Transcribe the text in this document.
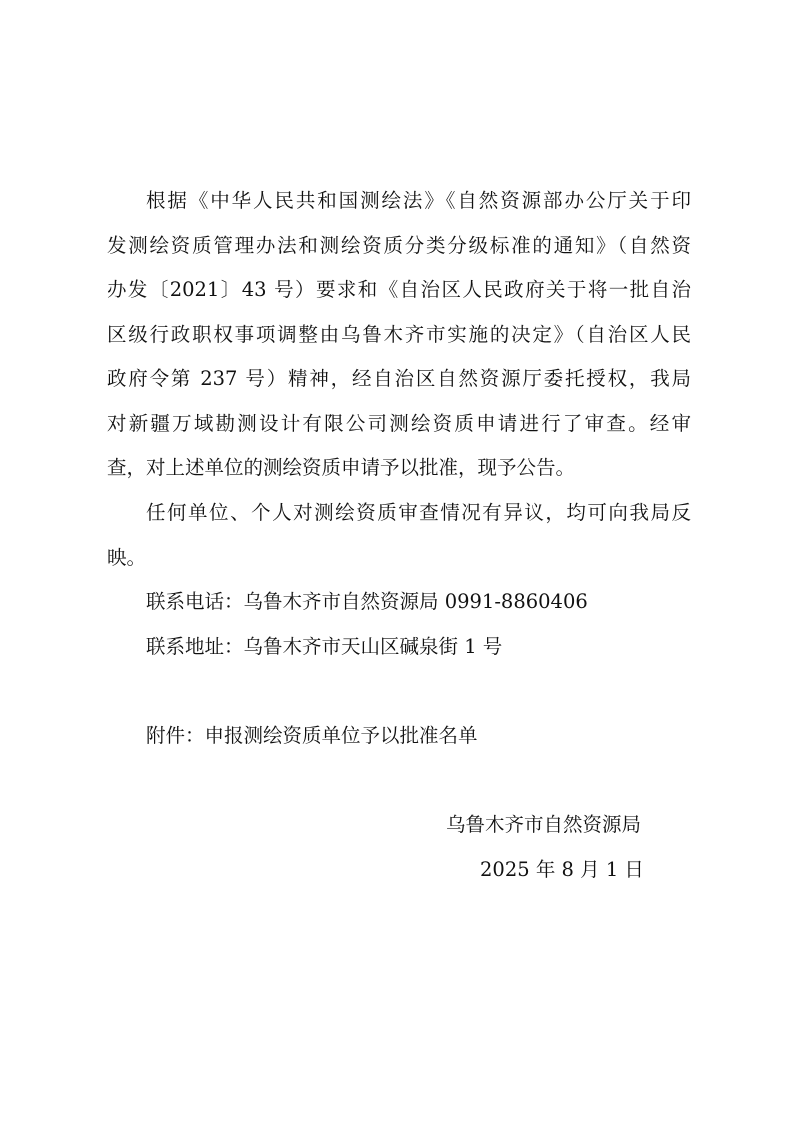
根据《中华人民共和国测绘法》《自然资源部办公厅关于印
发测绘资质管理办法和测绘资质分类分级标准的通知》（自然资
办发〔2021〕43 号）要求和《自治区人民政府关于将一批自治
区级行政职权事项调整由乌鲁木齐市实施的决定》（自治区人民
政府令第 237 号）精神，经自治区自然资源厅委托授权，我局
对新疆万域勘测设计有限公司测绘资质申请进行了审查。经审
查，对上述单位的测绘资质申请予以批准，现予公告。
任何单位、个人对测绘资质审查情况有异议，均可向我局反
映。
联系电话：乌鲁木齐市自然资源局 0991-8860406
联系地址：乌鲁木齐市天山区碱泉街 1 号
附件：申报测绘资质单位予以批准名单
乌鲁木齐市自然资源局
2025 年 8 月 1 日
